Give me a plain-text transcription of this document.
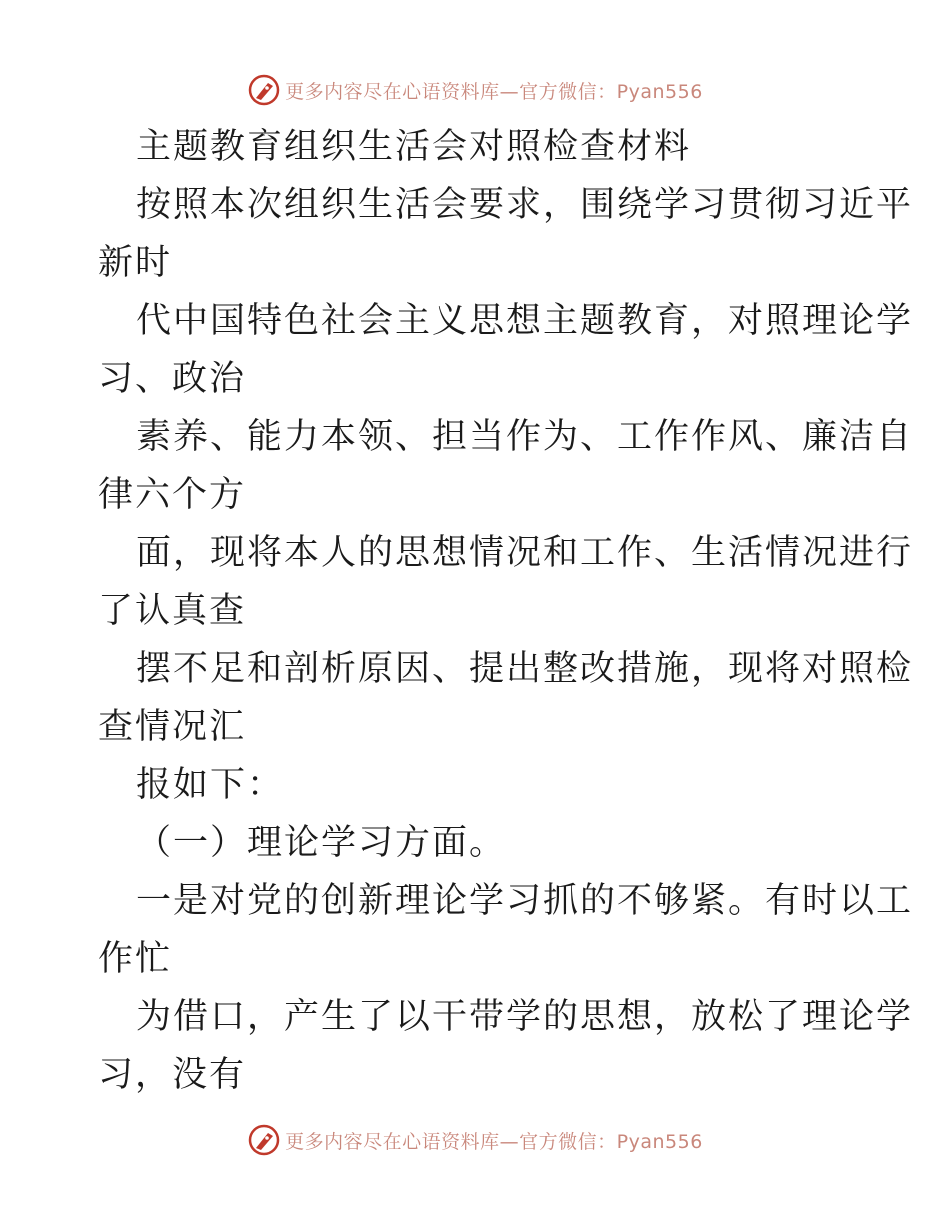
更多内容尽在心语资料库—官方微信：Pyan556
主题教育组织生活会对照检查材料
按照本次组织生活会要求，围绕学习贯彻习近平
新时
代中国特色社会主义思想主题教育，对照理论学
习、政治
素养、能力本领、担当作为、工作作风、廉洁自
律六个方
面，现将本人的思想情况和工作、生活情况进行
了认真查
摆不足和剖析原因、提出整改措施，现将对照检
查情况汇
报如下：
（一）理论学习方面。
一是对党的创新理论学习抓的不够紧。有时以工
作忙
为借口，产生了以干带学的思想，放松了理论学
习，没有
更多内容尽在心语资料库—官方微信：Pyan556
